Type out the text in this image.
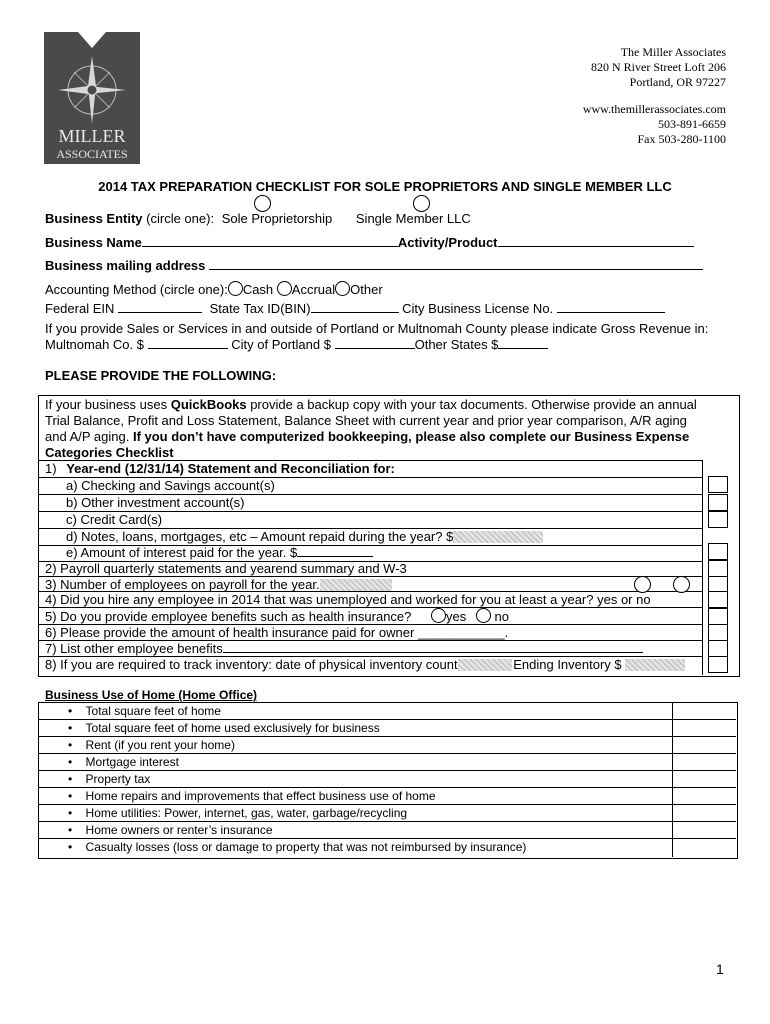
MILLER
ASSOCIATES
The Miller Associates
820 N River Street Loft 206
Portland, OR 97227
www.themillerassociates.com
503-891-6659
Fax 503-280-1100
2014 TAX PREPARATION CHECKLIST FOR SOLE PROPRIETORS AND SINGLE MEMBER LLC
Business Entity (circle one): Sole Proprietorship Single Member LLC
Business Name	Activity/Product
Business mailing address
Accounting Method (circle one): Cash Accrual Other
Federal EIN	State Tax ID(BIN)	City Business License No.
If you provide Sales or Services in and outside of Portland or Multnomah County please indicate Gross Revenue in:
Multnomah Co. $	City of Portland $	Other States $
PLEASE PROVIDE THE FOLLOWING:
If your business uses QuickBooks provide a backup copy with your tax documents. Otherwise provide an annual
Trial Balance, Profit and Loss Statement, Balance Sheet with current year and prior year comparison, A/R aging
and A/P aging. If you don’t have computerized bookkeeping, please also complete our Business Expense
Categories Checklist
1) Year-end (12/31/14) Statement and Reconciliation for:
a) Checking and Savings account(s)
b) Other investment account(s)
c) Credit Card(s)
d) Notes, loans, mortgages, etc – Amount repaid during the year? $
e) Amount of interest paid for the year. $
2) Payroll quarterly statements and yearend summary and W-3
3) Number of employees on payroll for the year.
4) Did you hire any employee in 2014 that was unemployed and worked for you at least a year? yes or no
5) Do you provide employee benefits such as health insurance?	yes no
6) Please provide the amount of health insurance paid for owner ____________.
7) List other employee benefits
8) If you are required to track inventory: date of physical inventory count	Ending Inventory $
Business Use of Home (Home Office)
•    Total square feet of home
•    Total square feet of home used exclusively for business
•    Rent (if you rent your home)
•    Mortgage interest
•    Property tax
•    Home repairs and improvements that effect business use of home
•    Home utilities: Power, internet, gas, water, garbage/recycling
•    Home owners or renter’s insurance
•    Casualty losses (loss or damage to property that was not reimbursed by insurance)
1
